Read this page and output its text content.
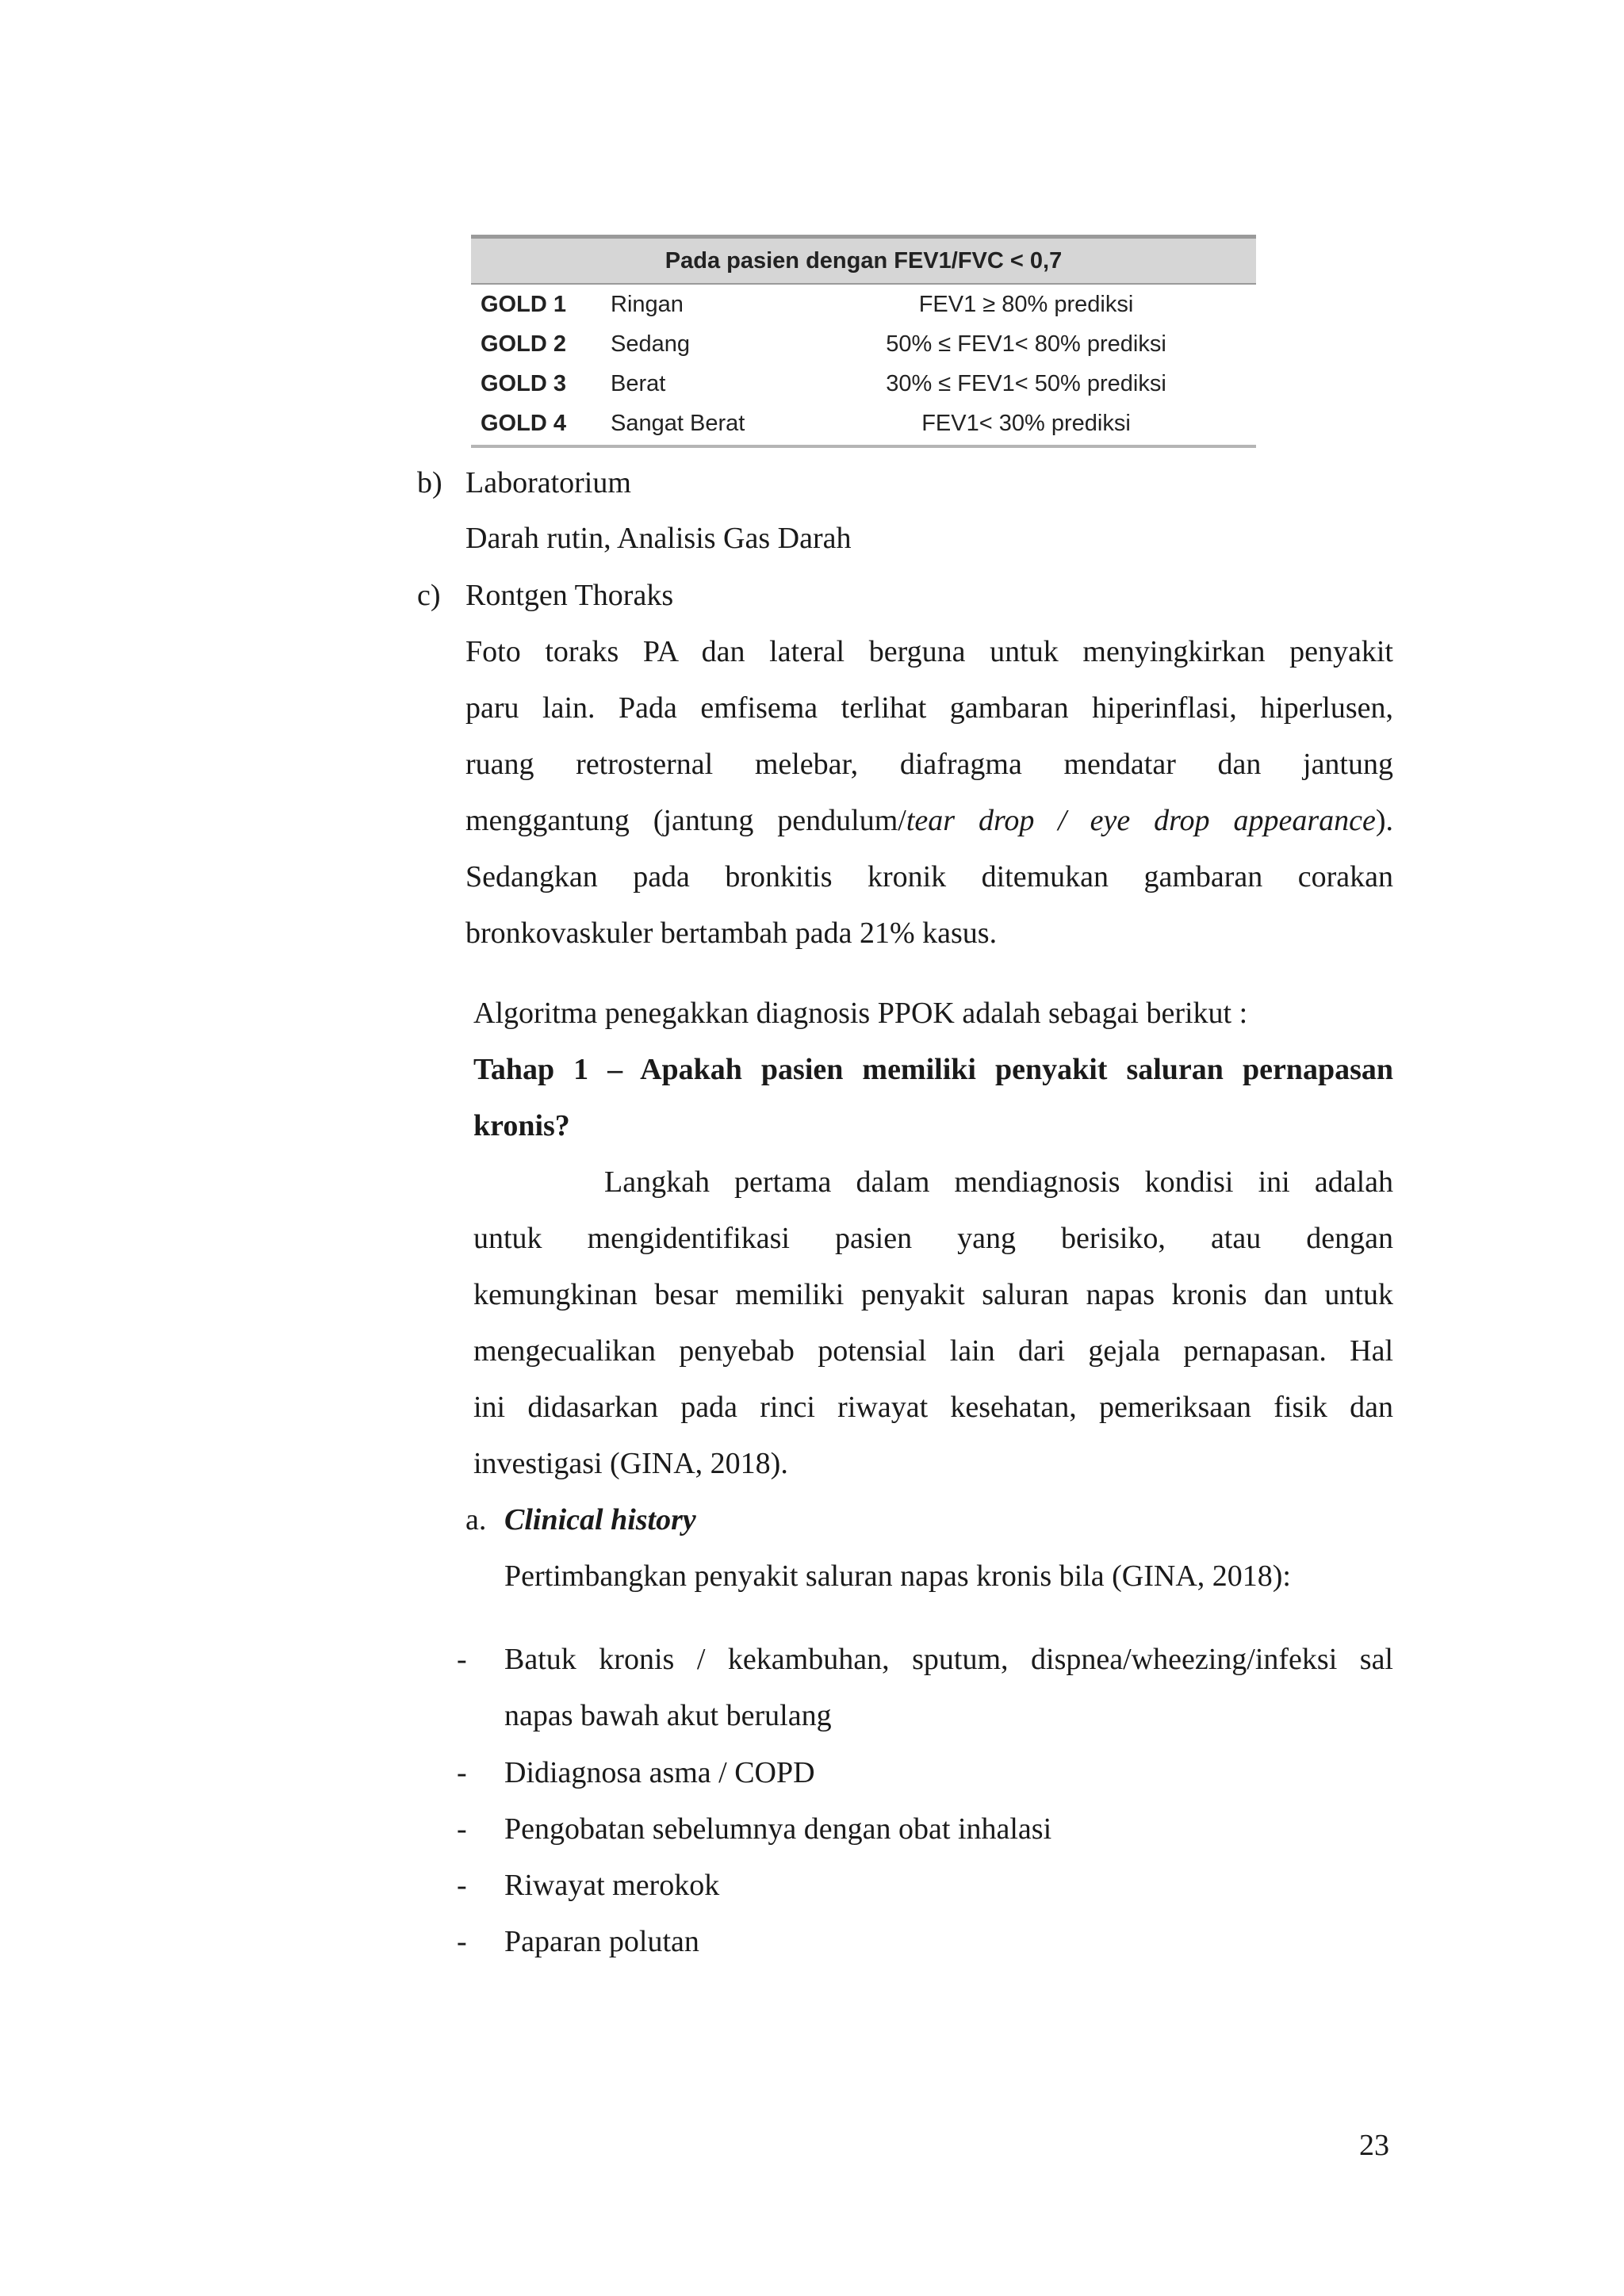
Pada pasien dengan FEV1/FVC < 0,7
GOLD 1 Ringan	FEV1 ≥ 80% prediksi
GOLD 2 Sedang	50% ≤ FEV1< 80% prediksi
GOLD 3 Berat	30% ≤ FEV1< 50% prediksi
GOLD 4 Sangat Berat	FEV1< 30% prediksi
b) Laboratorium
Darah rutin, Analisis Gas Darah
c) Rontgen Thoraks
Foto toraks PA dan lateral berguna untuk menyingkirkan penyakit
paru lain. Pada emfisema terlihat gambaran hiperinflasi, hiperlusen,
ruang retrosternal melebar, diafragma mendatar dan jantung
menggantung (jantung pendulum/tear drop / eye drop appearance).
Sedangkan pada bronkitis kronik ditemukan gambaran corakan
bronkovaskuler bertambah pada 21% kasus.
Algoritma penegakkan diagnosis PPOK adalah sebagai berikut :
Tahap 1 – Apakah pasien memiliki penyakit saluran pernapasan
kronis?
Langkah pertama dalam mendiagnosis kondisi ini adalah
untuk mengidentifikasi pasien yang berisiko, atau dengan
kemungkinan besar memiliki penyakit saluran napas kronis dan untuk
mengecualikan penyebab potensial lain dari gejala pernapasan. Hal
ini didasarkan pada rinci riwayat kesehatan, pemeriksaan fisik dan
investigasi (GINA, 2018).
a. Clinical history
Pertimbangkan penyakit saluran napas kronis bila (GINA, 2018):
- Batuk kronis / kekambuhan, sputum, dispnea/wheezing/infeksi sal
napas bawah akut berulang
- Didiagnosa asma / COPD
- Pengobatan sebelumnya dengan obat inhalasi
- Riwayat merokok
- Paparan polutan
23
